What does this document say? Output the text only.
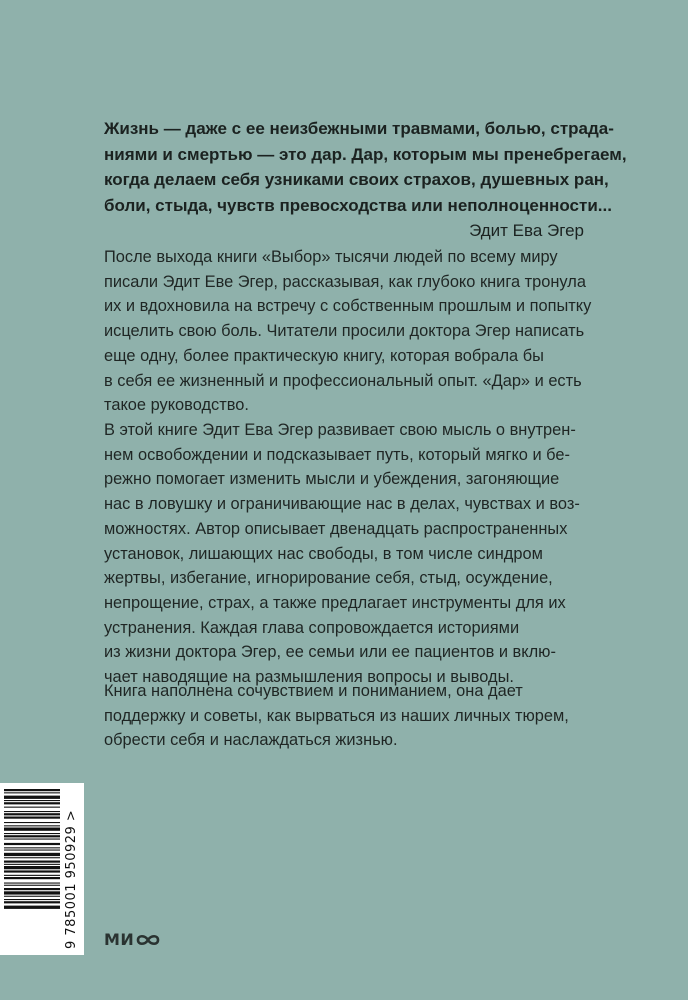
Жизнь — даже с ее неизбежными травмами, болью, страда-
ниями и смертью — это дар. Дар, которым мы пренебрегаем,
когда делаем себя узниками своих страхов, душевных ран,
боли, стыда, чувств превосходства или неполноценности...
Эдит Ева Эгер
После выхода книги «Выбор» тысячи людей по всему миру
писали Эдит Еве Эгер, рассказывая, как глубоко книга тронула
их и вдохновила на встречу с собственным прошлым и попытку
исцелить свою боль. Читатели просили доктора Эгер написать
еще одну, более практическую книгу, которая вобрала бы
в себя ее жизненный и профессиональный опыт. «Дар» и есть
такое руководство.
В этой книге Эдит Ева Эгер развивает свою мысль о внутрен-
нем освобождении и подсказывает путь, который мягко и бе-
режно помогает изменить мысли и убеждения, загоняющие
нас в ловушку и ограничивающие нас в делах, чувствах и воз-
можностях. Автор описывает двенадцать распространенных
установок, лишающих нас свободы, в том числе синдром
жертвы, избегание, игнорирование себя, стыд, осуждение,
непрощение, страх, а также предлагает инструменты для их
устранения. Каждая глава сопровождается историями
из жизни доктора Эгер, ее семьи или ее пациентов и вклю-
чает наводящие на размышления вопросы и выводы.
Книга наполнена сочувствием и пониманием, она дает
поддержку и советы, как вырваться из наших личных тюрем,
обрести себя и наслаждаться жизнью.
9 785001 950929 > МИ
